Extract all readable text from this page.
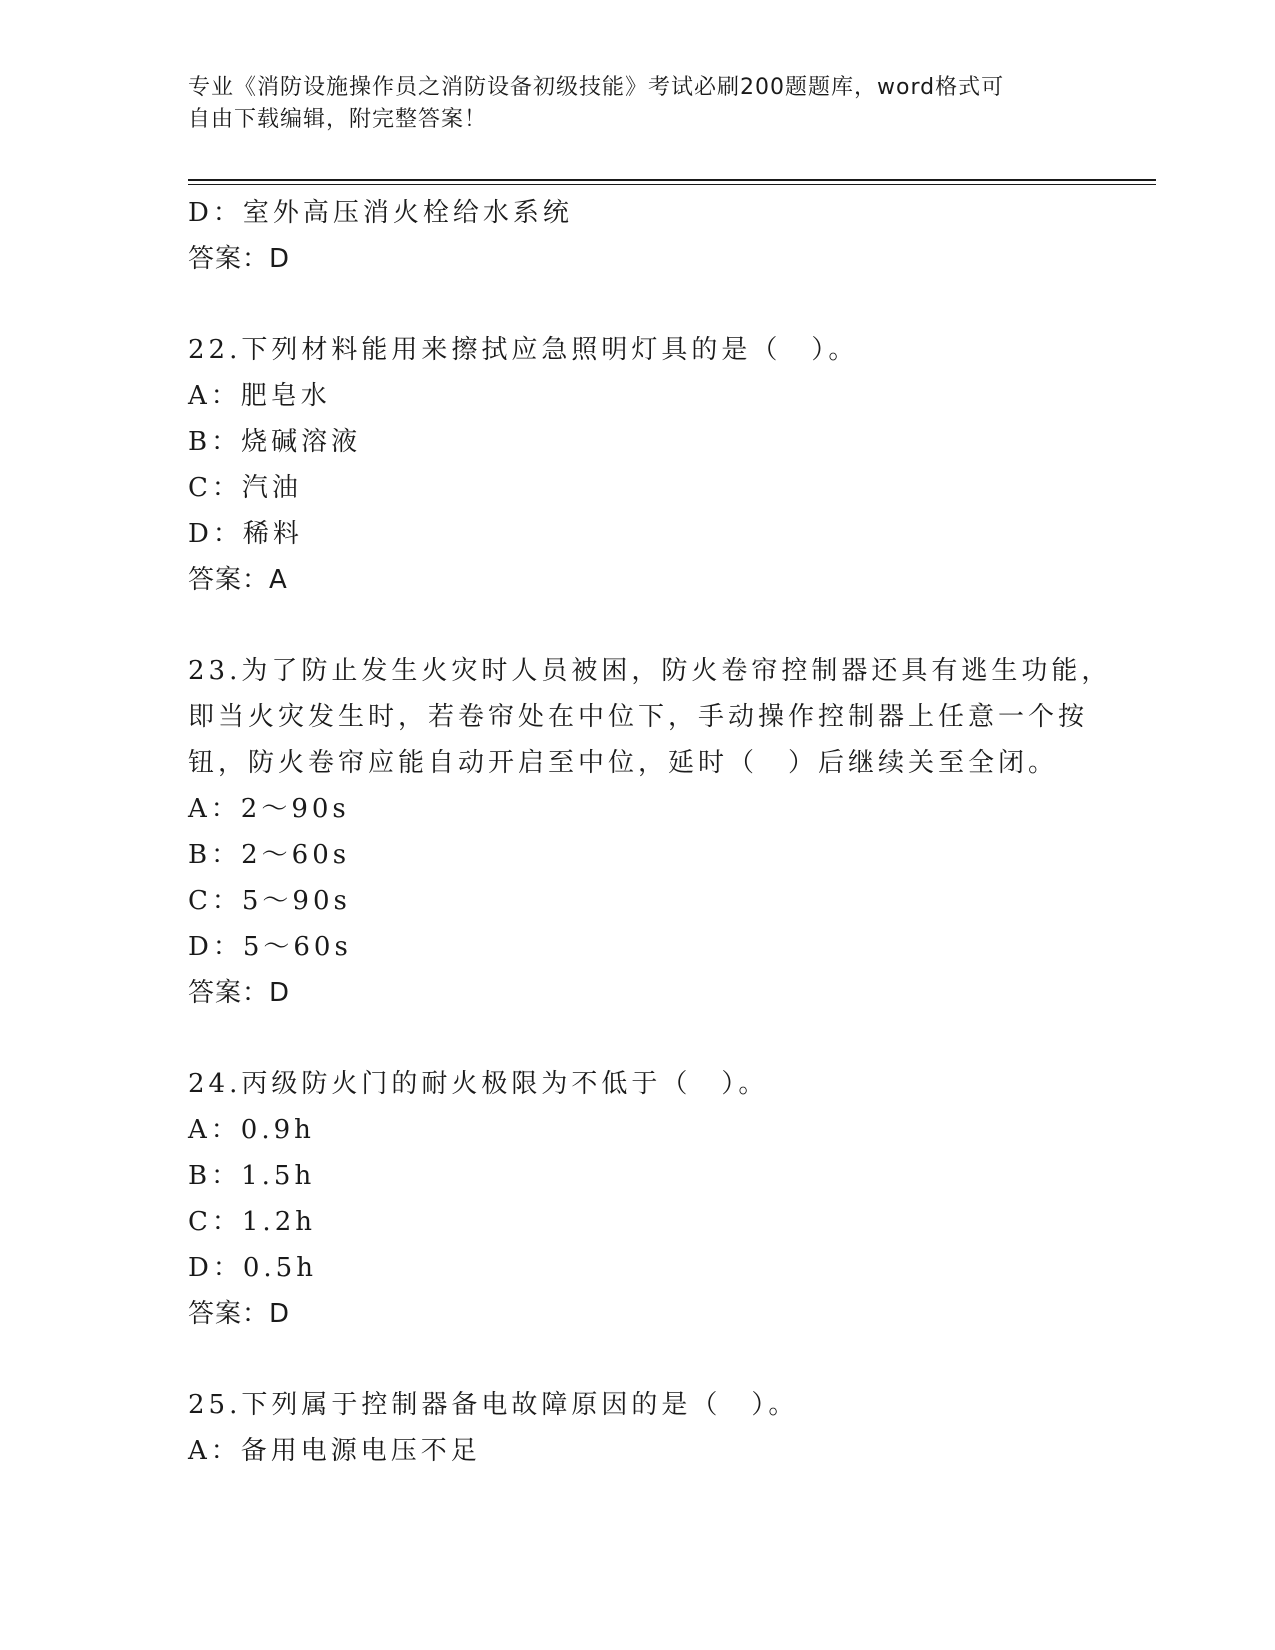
专业《消防设施操作员之消防设备初级技能》考试必刷200题题库，word格式可
自由下载编辑，附完整答案！
D：室外高压消火栓给水系统
答案：D
22.下列材料能用来擦拭应急照明灯具的是（　）。
A：肥皂水
B：烧碱溶液
C：汽油
D：稀料
答案：A
23.为了防止发生火灾时人员被困，防火卷帘控制器还具有逃生功能，
即当火灾发生时，若卷帘处在中位下，手动操作控制器上任意一个按
钮，防火卷帘应能自动开启至中位，延时（　）后继续关至全闭。
A：2～90s
B：2～60s
C：5～90s
D：5～60s
答案：D
24.丙级防火门的耐火极限为不低于（　）。
A：0.9h
B：1.5h
C：1.2h
D：0.5h
答案：D
25.下列属于控制器备电故障原因的是（　）。
A：备用电源电压不足
